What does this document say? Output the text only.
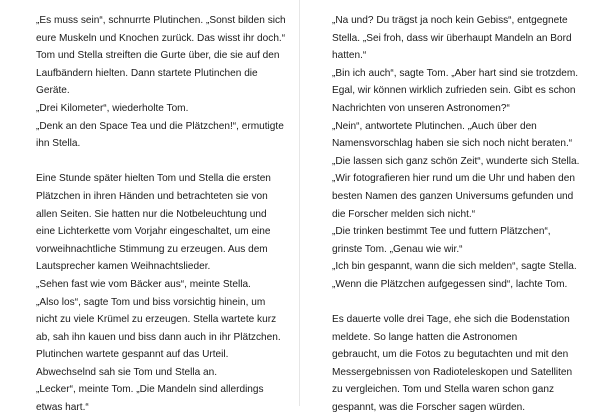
„Es muss sein“, schnurrte Plutinchen. „Sonst bilden sich

eure Muskeln und Knochen zurück. Das wisst ihr doch.“

Tom und Stella streiften die Gurte über, die sie auf den

Laufbändern hielten. Dann startete Plutinchen die

Geräte.

„Drei Kilometer“, wiederholte Tom.

„Denk an den Space Tea und die Plätzchen!“, ermutigte

ihn Stella.

Eine Stunde später hielten Tom und Stella die ersten

Plätzchen in ihren Händen und betrachteten sie von

allen Seiten. Sie hatten nur die Notbeleuchtung und

eine Lichterkette vom Vorjahr eingeschaltet, um eine

vorweihnachtliche Stimmung zu erzeugen. Aus dem

Lautsprecher kamen Weihnachtslieder.

„Sehen fast wie vom Bäcker aus“, meinte Stella.

„Also los“, sagte Tom und biss vorsichtig hinein, um

nicht zu viele Krümel zu erzeugen. Stella wartete kurz

ab, sah ihn kauen und biss dann auch in ihr Plätzchen.

Plutinchen wartete gespannt auf das Urteil.

Abwechselnd sah sie Tom und Stella an.

„Lecker“, meinte Tom. „Die Mandeln sind allerdings

etwas hart.“

„Na und? Du trägst ja noch kein Gebiss“, entgegnete

Stella. „Sei froh, dass wir überhaupt Mandeln an Bord

hatten.“

„Bin ich auch“, sagte Tom. „Aber hart sind sie trotzdem.

Egal, wir können wirklich zufrieden sein. Gibt es schon

Nachrichten von unseren Astronomen?“

„Nein“, antwortete Plutinchen. „Auch über den

Namensvorschlag haben sie sich noch nicht beraten.“

„Die lassen sich ganz schön Zeit“, wunderte sich Stella.

„Wir fotografieren hier rund um die Uhr und haben den

besten Namen des ganzen Universums gefunden und

die Forscher melden sich nicht.“

„Die trinken bestimmt Tee und futtern Plätzchen“,

grinste Tom. „Genau wie wir.“

„Ich bin gespannt, wann die sich melden“, sagte Stella.

„Wenn die Plätzchen aufgegessen sind“, lachte Tom.

Es dauerte volle drei Tage, ehe sich die Bodenstation

meldete. So lange hatten die Astronomen

gebraucht, um die Fotos zu begutachten und mit den

Messergebnissen von Radioteleskopen und Satelliten

zu vergleichen. Tom und Stella waren schon ganz

gespannt, was die Forscher sagen würden.
